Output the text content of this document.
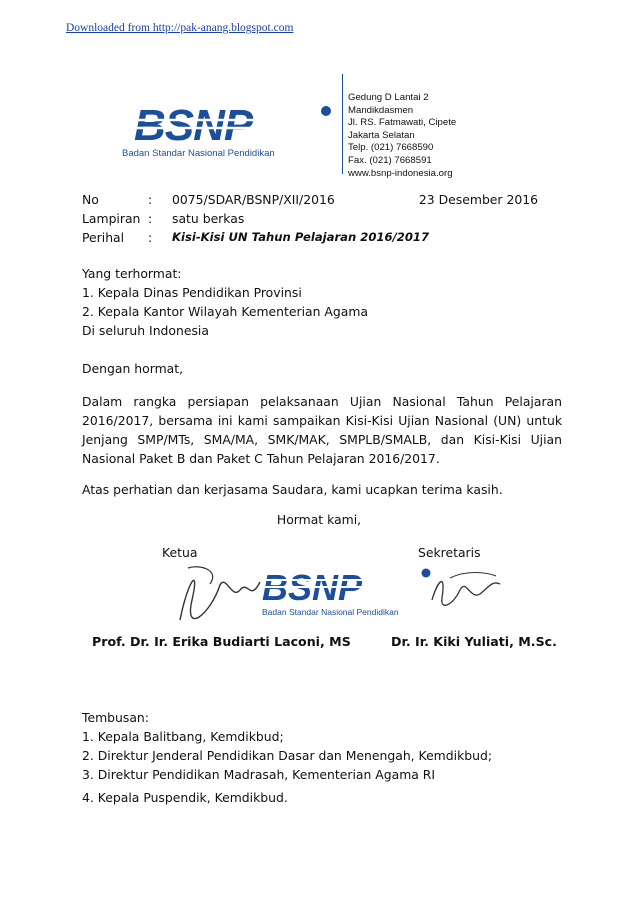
Downloaded from http://pak-anang.blogspot.com
BSNP
Badan Standar Nasional Pendidikan
Gedung D Lantai 2
Mandikdasmen
Jl. RS. Fatmawati, Cipete
Jakarta Selatan
Telp. (021) 7668590
Fax. (021) 7668591
www.bsnp-indonesia.org
No	: 0075/SDAR/BSNP/XII/2016	23 Desember 2016
Lampiran : satu berkas
Perihal : Kisi-Kisi UN Tahun Pelajaran 2016/2017
Yang terhormat:
1. Kepala Dinas Pendidikan Provinsi
2. Kepala Kantor Wilayah Kementerian Agama
Di seluruh Indonesia
Dengan hormat,
Dalam rangka persiapan pelaksanaan Ujian Nasional Tahun Pelajaran 2016/2017, bersama ini kami sampaikan Kisi-Kisi Ujian Nasional (UN) untuk Jenjang SMP/MTs, SMA/MA, SMK/MAK, SMPLB/SMALB, dan Kisi-Kisi Ujian Nasional Paket B dan Paket C Tahun Pelajaran 2016/2017.
Atas perhatian dan kerjasama Saudara, kami ucapkan terima kasih.
Hormat kami,
Ketua	Sekretaris
BSNP
Badan Standar Nasional Pendidikan
Prof. Dr. Ir. Erika Budiarti Laconi, MS	Dr. Ir. Kiki Yuliati, M.Sc.
Tembusan:
1. Kepala Balitbang, Kemdikbud;
2. Direktur Jenderal Pendidikan Dasar dan Menengah, Kemdikbud;
3. Direktur Pendidikan Madrasah, Kementerian Agama RI
4. Kepala Puspendik, Kemdikbud.
